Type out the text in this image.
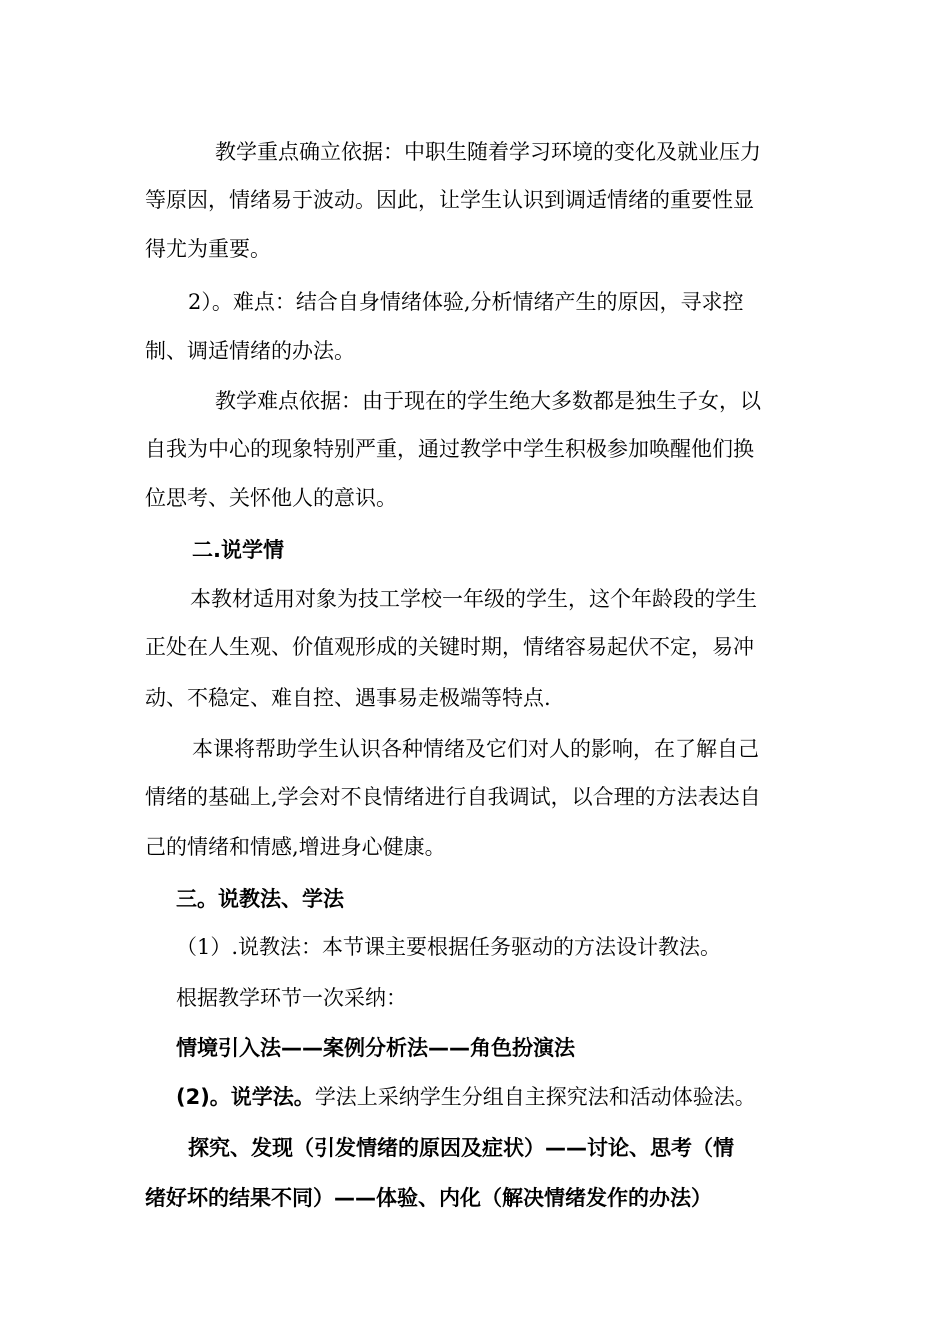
教学重点确立依据：中职生随着学习环境的变化及就业压力
等原因，情绪易于波动。因此，让学生认识到调适情绪的重要性显
得尤为重要。
2）。难点：结合自身情绪体验,分析情绪产生的原因，寻求控
制、调适情绪的办法。
教学难点依据：由于现在的学生绝大多数都是独生子女，以
自我为中心的现象特别严重，通过教学中学生积极参加唤醒他们换
位思考、关怀他人的意识。
二.说学情
本教材适用对象为技工学校一年级的学生，这个年龄段的学生
正处在人生观、价值观形成的关键时期，情绪容易起伏不定，易冲
动、不稳定、难自控、遇事易走极端等特点.
本课将帮助学生认识各种情绪及它们对人的影响，在了解自己
情绪的基础上,学会对不良情绪进行自我调试，以合理的方法表达自
己的情绪和情感,增进身心健康。
三。说教法、学法
（1）.说教法：本节课主要根据任务驱动的方法设计教法。
根据教学环节一次采纳：
情境引入法——案例分析法——角色扮演法
(2)。说学法。学法上采纳学生分组自主探究法和活动体验法。
探究、发现（引发情绪的原因及症状）——讨论、思考（情
绪好坏的结果不同）——体验、内化（解决情绪发作的办法）
